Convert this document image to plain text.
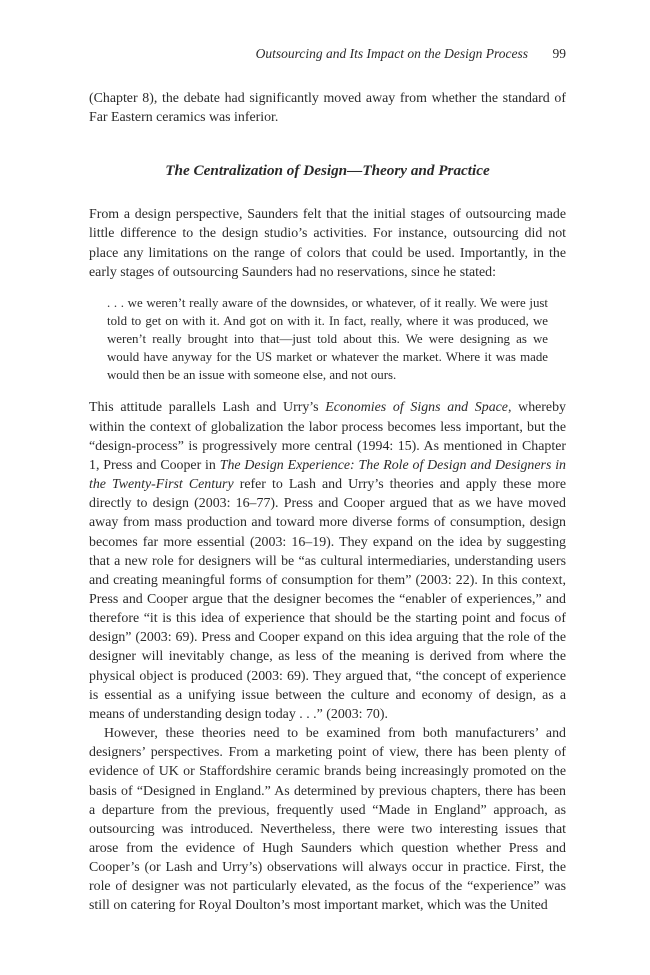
Outsourcing and Its Impact on the Design Process 99

(Chapter 8), the debate had significantly moved away from whether the standard of Far Eastern ceramics was inferior.

The Centralization of Design—Theory and Practice

From a design perspective, Saunders felt that the initial stages of outsourcing made little difference to the design studio’s activities. For instance, outsourcing did not place any limitations on the range of colors that could be used. Importantly, in the early stages of outsourcing Saunders had no reservations, since he stated:

. . . we weren’t really aware of the downsides, or whatever, of it really. We were just told to get on with it. And got on with it. In fact, really, where it was produced, we weren’t really brought into that—just told about this. We were designing as we would have anyway for the US market or whatever the market. Where it was made would then be an issue with someone else, and not ours.

This attitude parallels Lash and Urry’s Economies of Signs and Space, whereby within the context of globalization the labor process becomes less important, but the “design-process” is progressively more central (1994: 15). As mentioned in Chapter 1, Press and Cooper in The Design Experience: The Role of Design and Designers in the Twenty-First Century refer to Lash and Urry’s theories and apply these more directly to design (2003: 16–77). Press and Cooper argued that as we have moved away from mass production and toward more diverse forms of consumption, design becomes far more essential (2003: 16–19). They expand on the idea by suggesting that a new role for designers will be “as cultural intermediaries, understanding users and creating meaningful forms of consumption for them” (2003: 22). In this context, Press and Cooper argue that the designer becomes the “enabler of experiences,” and therefore “it is this idea of experience that should be the starting point and focus of design” (2003: 69). Press and Cooper expand on this idea arguing that the role of the designer will inevitably change, as less of the meaning is derived from where the physical object is produced (2003: 69). They argued that, “the concept of experience is essential as a unifying issue between the culture and economy of design, as a means of understanding design today . . .” (2003: 70).

However, these theories need to be examined from both manufacturers’ and designers’ perspectives. From a marketing point of view, there has been plenty of evidence of UK or Staffordshire ceramic brands being increasingly promoted on the basis of “Designed in England.” As determined by previous chapters, there has been a departure from the previous, frequently used “Made in England” approach, as outsourcing was introduced. Nevertheless, there were two interesting issues that arose from the evidence of Hugh Saunders which question whether Press and Cooper’s (or Lash and Urry’s) observations will always occur in practice. First, the role of designer was not particularly elevated, as the focus of the “experience” was still on catering for Royal Doulton’s most important market, which was the United
